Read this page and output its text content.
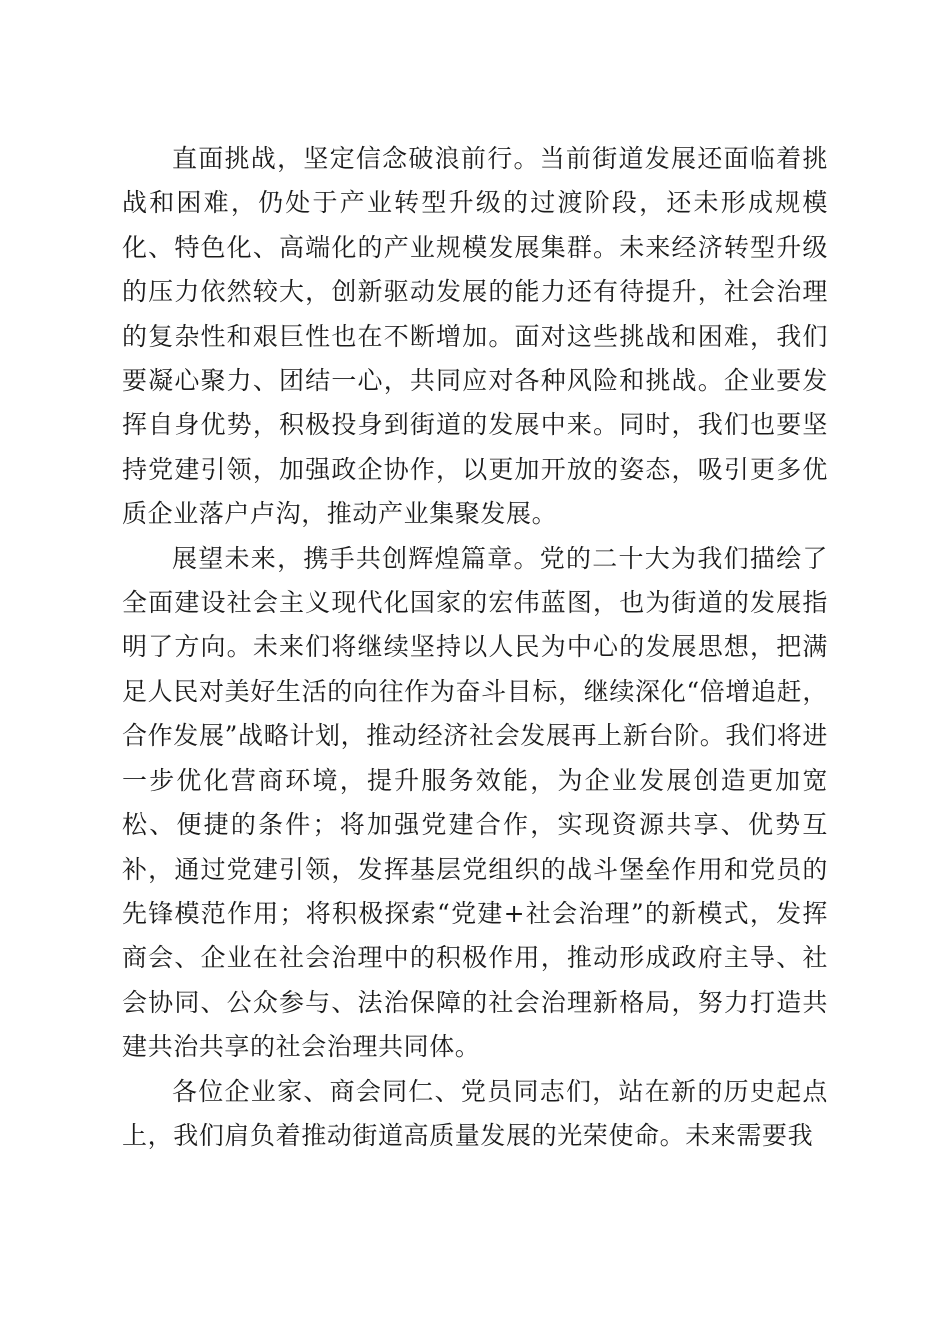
直面挑战，坚定信念破浪前行。当前街道发展还面临着挑战和困难，仍处于产业转型升级的过渡阶段，还未形成规模化、特色化、高端化的产业规模发展集群。未来经济转型升级的压力依然较大，创新驱动发展的能力还有待提升，社会治理的复杂性和艰巨性也在不断增加。面对这些挑战和困难，我们要凝心聚力、团结一心，共同应对各种风险和挑战。企业要发挥自身优势，积极投身到街道的发展中来。同时，我们也要坚持党建引领，加强政企协作，以更加开放的姿态，吸引更多优质企业落户卢沟，推动产业集聚发展。

展望未来，携手共创辉煌篇章。党的二十大为我们描绘了全面建设社会主义现代化国家的宏伟蓝图，也为街道的发展指明了方向。未来们将继续坚持以人民为中心的发展思想，把满足人民对美好生活的向往作为奋斗目标，继续深化“倍增追赶，合作发展”战略计划，推动经济社会发展再上新台阶。我们将进一步优化营商环境，提升服务效能，为企业发展创造更加宽松、便捷的条件；将加强党建合作，实现资源共享、优势互补，通过党建引领，发挥基层党组织的战斗堡垒作用和党员的先锋模范作用；将积极探索“党建+社会治理”的新模式，发挥商会、企业在社会治理中的积极作用，推动形成政府主导、社会协同、公众参与、法治保障的社会治理新格局，努力打造共建共治共享的社会治理共同体。

各位企业家、商会同仁、党员同志们，站在新的历史起点上，我们肩负着推动街道高质量发展的光荣使命。未来需要我
